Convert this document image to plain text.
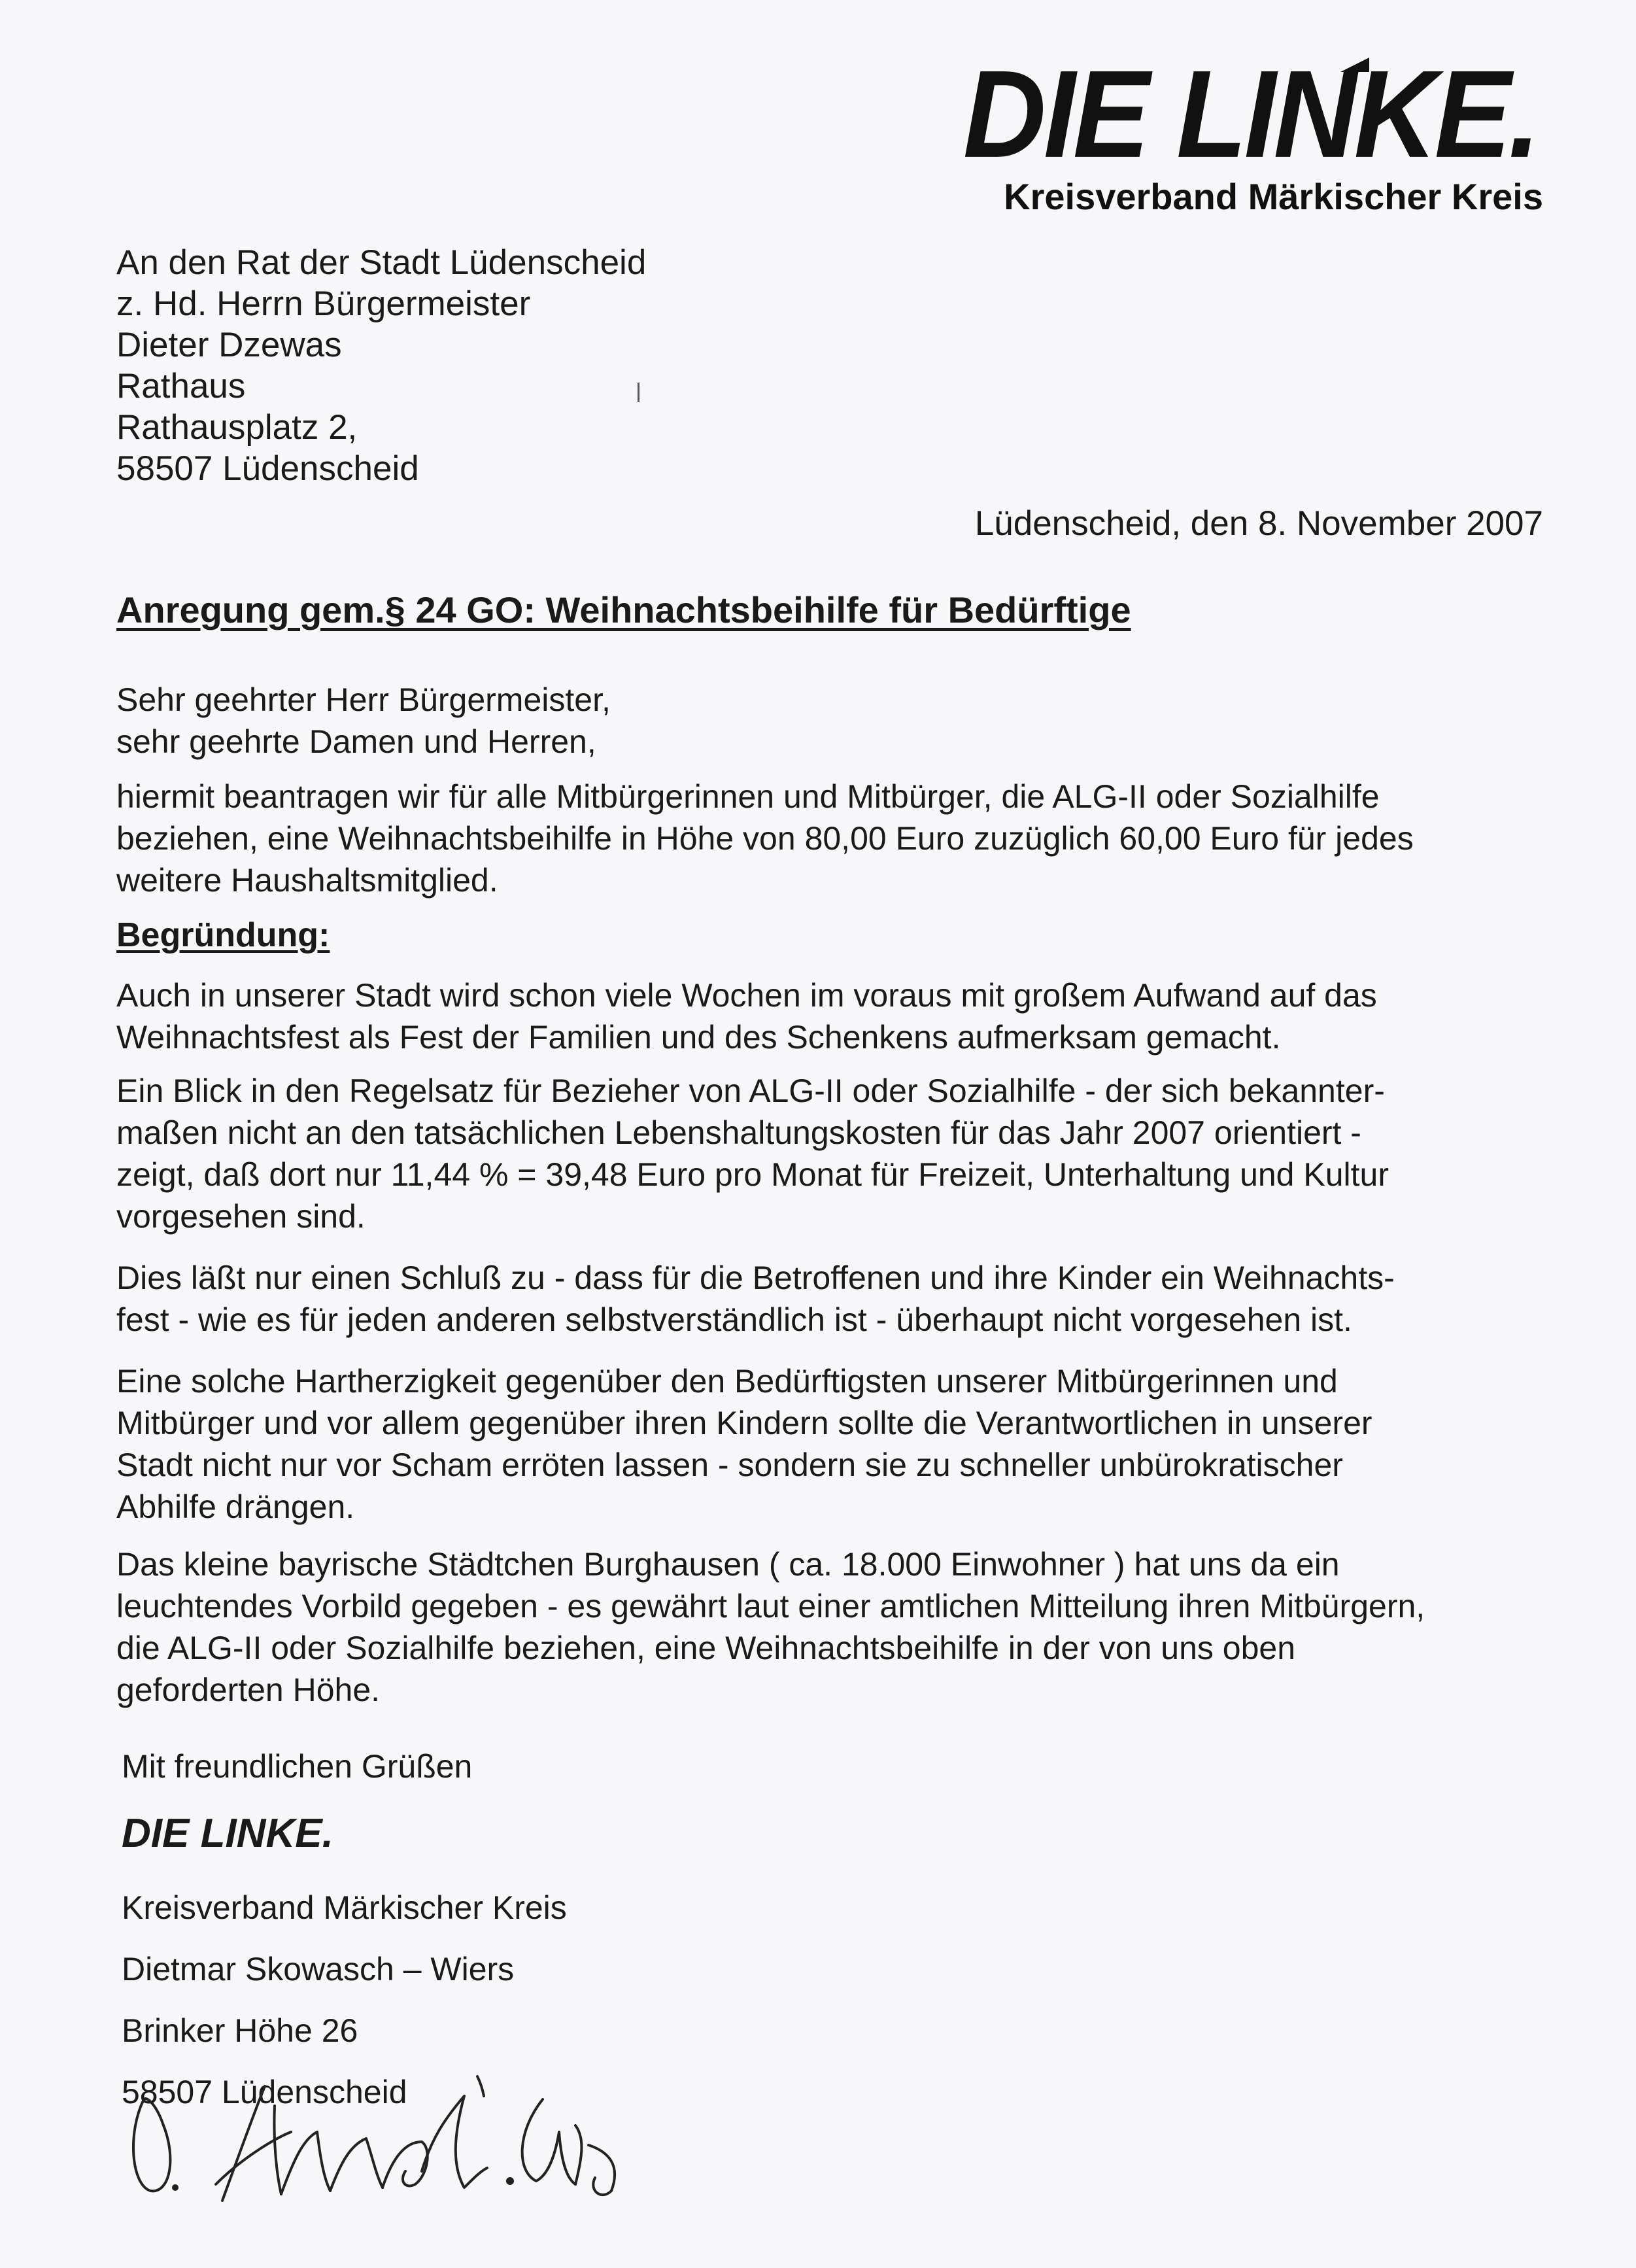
DIE LINKE.
Kreisverband Märkischer Kreis
An den Rat der Stadt Lüdenscheid
z. Hd. Herrn Bürgermeister
Dieter Dzewas
Rathaus
Rathausplatz 2,
58507 Lüdenscheid
Lüdenscheid, den 8. November 2007
Anregung gem.§ 24 GO: Weihnachtsbeihilfe für Bedürftige

Sehr geehrter Herr Bürgermeister,

sehr geehrte Damen und Herren,

hiermit beantragen wir für alle Mitbürgerinnen und Mitbürger, die ALG-II oder Sozialhilfe

beziehen, eine Weihnachtsbeihilfe in Höhe von 80,00 Euro zuzüglich 60,00 Euro für jedes

weitere Haushaltsmitglied.

Begründung:

Auch in unserer Stadt wird schon viele Wochen im voraus mit großem Aufwand auf das

Weihnachtsfest als Fest der Familien und des Schenkens aufmerksam gemacht.

Ein Blick in den Regelsatz für Bezieher von ALG-II oder Sozialhilfe - der sich bekannter-

maßen nicht an den tatsächlichen Lebenshaltungskosten für das Jahr 2007 orientiert -

zeigt, daß dort nur 11,44 % = 39,48 Euro pro Monat für Freizeit, Unterhaltung und Kultur

vorgesehen sind.

Dies läßt nur einen Schluß zu - dass für die Betroffenen und ihre Kinder ein Weihnachts-

fest - wie es für jeden anderen selbstverständlich ist - überhaupt nicht vorgesehen ist.

Eine solche Hartherzigkeit gegenüber den Bedürftigsten unserer Mitbürgerinnen und

Mitbürger und vor allem gegenüber ihren Kindern sollte die Verantwortlichen in unserer

Stadt nicht nur vor Scham erröten lassen - sondern sie zu schneller unbürokratischer

Abhilfe drängen.

Das kleine bayrische Städtchen Burghausen ( ca. 18.000 Einwohner ) hat uns da ein

leuchtendes Vorbild gegeben - es gewährt laut einer amtlichen Mitteilung ihren Mitbürgern,

die ALG-II oder Sozialhilfe beziehen, eine Weihnachtsbeihilfe in der von uns oben

geforderten Höhe.

Mit freundlichen Grüßen
DIE LINKE.
Kreisverband Märkischer Kreis
Dietmar Skowasch – Wiers
Brinker Höhe 26
58507 Lüdenscheid
